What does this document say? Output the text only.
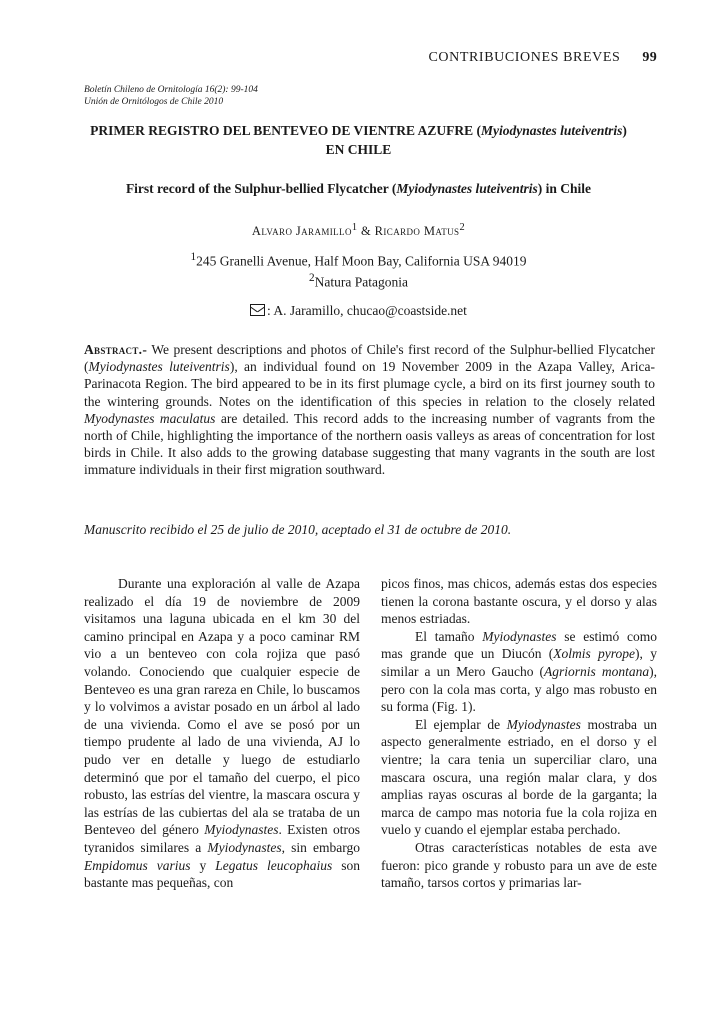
CONTRIBUCIONES BREVES 99
Boletín Chileno de Ornitología 16(2): 99-104
Unión de Ornitólogos de Chile 2010
PRIMER REGISTRO DEL BENTEVEO DE VIENTRE AZUFRE (Myiodynastes luteiventris) EN CHILE
First record of the Sulphur-bellied Flycatcher (Myiodynastes luteiventris) in Chile
Alvaro Jaramillo$^1$ & Ricardo Matus$^2$
$^1$245 Granelli Avenue, Half Moon Bay, California USA 94019
$^2$Natura Patagonia
: A. Jaramillo, chucao@coastside.net
Abstract.- We present descriptions and photos of Chile's first record of the Sulphur-bellied Flycatcher (Myiodynastes luteiventris), an individual found on 19 November 2009 in the Azapa Valley, Arica-Parinacota Region. The bird appeared to be in its first plumage cycle, a bird on its first journey south to the wintering grounds. Notes on the identification of this species in relation to the closely related Myodynastes maculatus are detailed. This record adds to the increasing number of vagrants from the north of Chile, highlighting the importance of the northern oasis valleys as areas of concentration for lost birds in Chile. It also adds to the growing database suggesting that many vagrants in the south are lost immature individuals in their first migration southward.
Manuscrito recibido el 25 de julio de 2010, aceptado el 31 de octubre de 2010.

Durante una exploración al valle de Azapa realizado el día 19 de noviembre de 2009 visitamos una laguna ubicada en el km 30 del camino principal en Azapa y a poco caminar RM vio a un benteveo con cola rojiza que pasó volando. Conociendo que cualquier especie de Benteveo es una gran rareza en Chile, lo buscamos y lo volvimos a avistar posado en un árbol al lado de una vivienda. Como el ave se posó por un tiempo prudente al lado de una vivienda, AJ lo pudo ver en detalle y luego de estudiarlo determinó que por el tamaño del cuerpo, el pico robusto, las estrías del vientre, la mascara oscura y las estrías de las cubiertas del ala se trataba de un Benteveo del género Myiodynastes. Existen otros tyranidos similares a Myiodynastes, sin embargo Empidomus varius y Legatus leucophaius son bastante mas pequeñas, con

picos finos, mas chicos, además estas dos especies tienen la corona bastante oscura, y el dorso y alas menos estriadas.

El tamaño Myiodynastes se estimó como mas grande que un Diucón (Xolmis pyrope), y similar a un Mero Gaucho (Agriornis montana), pero con la cola mas corta, y algo mas robusto en su forma (Fig. 1).

El ejemplar de Myiodynastes mostraba un aspecto generalmente estriado, en el dorso y el vientre; la cara tenia un superciliar claro, una mascara oscura, una región malar clara, y dos amplias rayas oscuras al borde de la garganta; la marca de campo mas notoria fue la cola rojiza en vuelo y cuando el ejemplar estaba perchado.

Otras características notables de esta ave fueron: pico grande y robusto para un ave de este tamaño, tarsos cortos y primarias lar-
